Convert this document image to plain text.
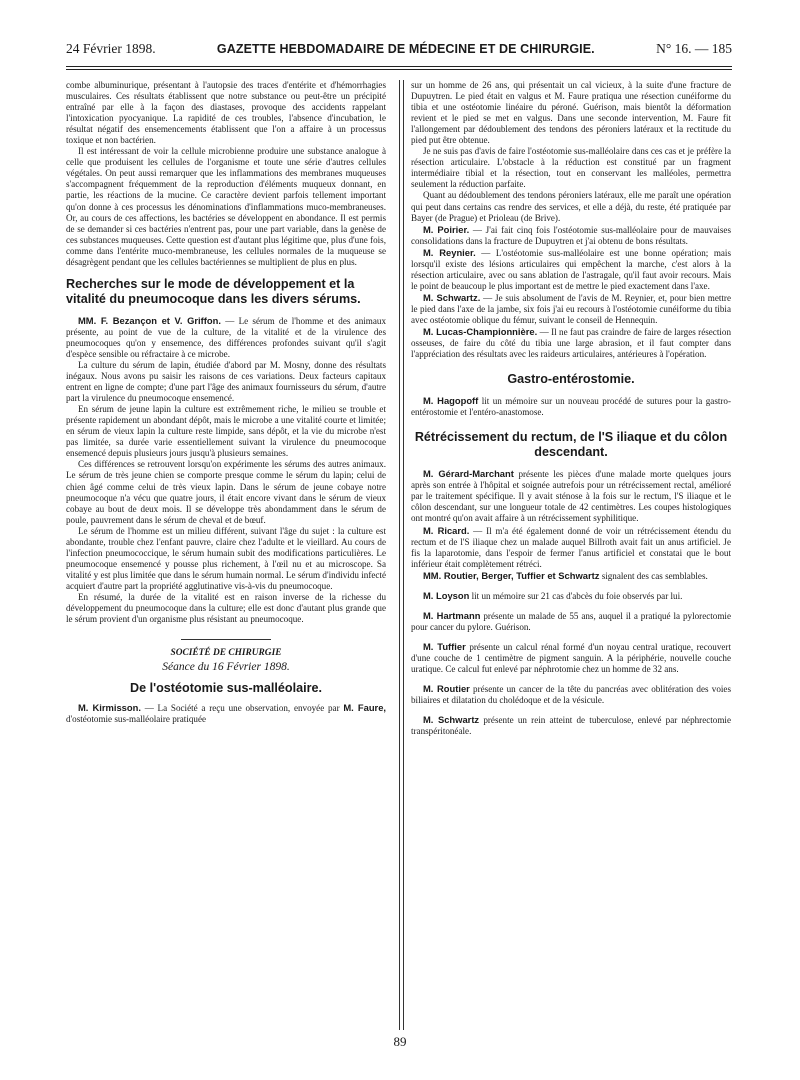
24 Février 1898.	GAZETTE HEBDOMADAIRE DE MÉDECINE ET DE CHIRURGIE.	N° 16. — 185

combe albuminurique, présentant à l'autopsie des traces d'entérite et d'hémorrhagies musculaires. Ces résultats établissent que notre substance ou peut-être un précipité entraîné par elle à la façon des diastases, provoque des accidents rappelant l'intoxication pyocyanique. La rapidité de ces troubles, l'absence d'incubation, le résultat négatif des ensemencements établissent que l'on a affaire à un processus toxique et non bactérien.

Il est intéressant de voir la cellule microbienne produire une substance analogue à celle que produisent les cellules de l'organisme et toute une série d'autres cellules végétales. On peut aussi remarquer que les inflammations des membranes muqueuses s'accompagnent fréquemment de la reproduction d'éléments muqueux donnant, en partie, les réactions de la mucine. Ce caractère devient parfois tellement important qu'on donne à ces processus les dénominations d'inflammations muco-membraneuses. Or, au cours de ces affections, les bactéries se développent en abondance. Il est permis de se demander si ces bactéries n'entrent pas, pour une part variable, dans la genèse de ces substances muqueuses. Cette question est d'autant plus légitime que, plus d'une fois, comme dans l'entérite muco-membraneuse, les cellules normales de la muqueuse se désagrègent pendant que les cellules bactériennes se multiplient de plus en plus.

Recherches sur le mode de développement et la vitalité du pneumocoque dans les divers sérums.

MM. F. Bezançon et V. Griffon. — Le sérum de l'homme et des animaux présente, au point de vue de la culture, de la vitalité et de la virulence des pneumocoques qu'on y ensemence, des différences profondes suivant qu'il s'agit d'espèce sensible ou réfractaire à ce microbe.

La culture du sérum de lapin, étudiée d'abord par M. Mosny, donne des résultats inégaux. Nous avons pu saisir les raisons de ces variations. Deux facteurs capitaux entrent en ligne de compte; d'une part l'âge des animaux fournisseurs du sérum, d'autre part la virulence du pneumocoque ensemencé.

En sérum de jeune lapin la culture est extrêmement riche, le milieu se trouble et présente rapidement un abondant dépôt, mais le microbe a une vitalité courte et limitée; en sérum de vieux lapin la culture reste limpide, sans dépôt, et la vie du microbe n'est pas limitée, sa durée varie essentiellement suivant la virulence du pneumocoque ensemencé depuis plusieurs jours jusqu'à plusieurs semaines.

Ces différences se retrouvent lorsqu'on expérimente les sérums des autres animaux. Le sérum de très jeune chien se comporte presque comme le sérum du lapin; celui de chien âgé comme celui de très vieux lapin. Dans le sérum de jeune cobaye notre pneumocoque n'a vécu que quatre jours, il était encore vivant dans le sérum de vieux cobaye au bout de deux mois. Il se développe très abondamment dans le sérum de poule, pauvrement dans le sérum de cheval et de bœuf.

Le sérum de l'homme est un milieu différent, suivant l'âge du sujet : la culture est abondante, trouble chez l'enfant pauvre, claire chez l'adulte et le vieillard. Au cours de l'infection pneumococcique, le sérum humain subit des modifications particulières. Le pneumocoque ensemencé y pousse plus richement, à l'œil nu et au microscope. Sa vitalité y est plus limitée que dans le sérum humain normal. Le sérum d'individu infecté acquiert d'autre part la propriété agglutinative vis-à-vis du pneumocoque.

En résumé, la durée de la vitalité est en raison inverse de la richesse du développement du pneumocoque dans la culture; elle est donc d'autant plus grande que le sérum provient d'un organisme plus résistant au pneumocoque.

SOCIÉTÉ DE CHIRURGIE

Séance du 16 Février 1898.

De l'ostéotomie sus-malléolaire.

M. Kirmisson. — La Société a reçu une observation, envoyée par M. Faure, d'ostéotomie sus-malléolaire pratiquée

sur un homme de 26 ans, qui présentait un cal vicieux, à la suite d'une fracture de Dupuytren. Le pied était en valgus et M. Faure pratiqua une résection cunéiforme du tibia et une ostéotomie linéaire du péroné. Guérison, mais bientôt la déformation revient et le pied se met en valgus. Dans une seconde intervention, M. Faure fit l'allongement par dédoublement des tendons des péroniers latéraux et la rectitude du pied put être obtenue.

Je ne suis pas d'avis de faire l'ostéotomie sus-malléolaire dans ces cas et je préfère la résection articulaire. L'obstacle à la réduction est constitué par un fragment intermédiaire tibial et la résection, tout en conservant les malléoles, permettra seulement la réduction parfaite.

Quant au dédoublement des tendons péroniers latéraux, elle me paraît une opération qui peut dans certains cas rendre des services, et elle a déjà, du reste, été pratiquée par Bayer (de Prague) et Prioleau (de Brive).

M. Poirier. — J'ai fait cinq fois l'ostéotomie sus-malléolaire pour de mauvaises consolidations dans la fracture de Dupuytren et j'ai obtenu de bons résultats.

M. Reynier. — L'ostéotomie sus-malléolaire est une bonne opération; mais lorsqu'il existe des lésions articulaires qui empêchent la marche, c'est alors à la résection articulaire, avec ou sans ablation de l'astragale, qu'il faut avoir recours. Mais le point de beaucoup le plus important est de mettre le pied exactement dans l'axe.

M. Schwartz. — Je suis absolument de l'avis de M. Reynier, et, pour bien mettre le pied dans l'axe de la jambe, six fois j'ai eu recours à l'ostéotomie cunéiforme du tibia avec ostéotomie oblique du fémur, suivant le conseil de Hennequin.

M. Lucas-Championnière. — Il ne faut pas craindre de faire de larges résection osseuses, de faire du côté du tibia une large abrasion, et il faut compter dans l'appréciation des résultats avec les raideurs articulaires, antérieures à l'opération.

Gastro-entérostomie.

M. Hagopoff lit un mémoire sur un nouveau procédé de sutures pour la gastro-entérostomie et l'entéro-anastomose.

Rétrécissement du rectum, de l'S iliaque et du côlon descendant.

M. Gérard-Marchant présente les pièces d'une malade morte quelques jours après son entrée à l'hôpital et soignée autrefois pour un rétrécissement rectal, amélioré par le traitement spécifique. Il y avait sténose à la fois sur le rectum, l'S iliaque et le côlon descendant, sur une longueur totale de 42 centimètres. Les coupes histologiques ont montré qu'on avait affaire à un rétrécissement syphilitique.

M. Ricard. — Il m'a été également donné de voir un rétrécissement étendu du rectum et de l'S iliaque chez un malade auquel Billroth avait fait un anus artificiel. Je fis la laparotomie, dans l'espoir de fermer l'anus artificiel et constatai que le bout inférieur était complètement rétréci.

MM. Routier, Berger, Tuffier et Schwartz signalent des cas semblables.

M. Loyson lit un mémoire sur 21 cas d'abcès du foie observés par lui.

M. Hartmann présente un malade de 55 ans, auquel il a pratiqué la pylorectomie pour cancer du pylore. Guérison.

M. Tuffier présente un calcul rénal formé d'un noyau central uratique, recouvert d'une couche de 1 centimètre de pigment sanguin. A la périphérie, nouvelle couche uratique. Ce calcul fut enlevé par néphrotomie chez un homme de 32 ans.

M. Routier présente un cancer de la tête du pancréas avec oblitération des voies biliaires et dilatation du cholédoque et de la vésicule.

M. Schwartz présente un rein atteint de tuberculose, enlevé par néphrectomie transpéritonéale.

89
